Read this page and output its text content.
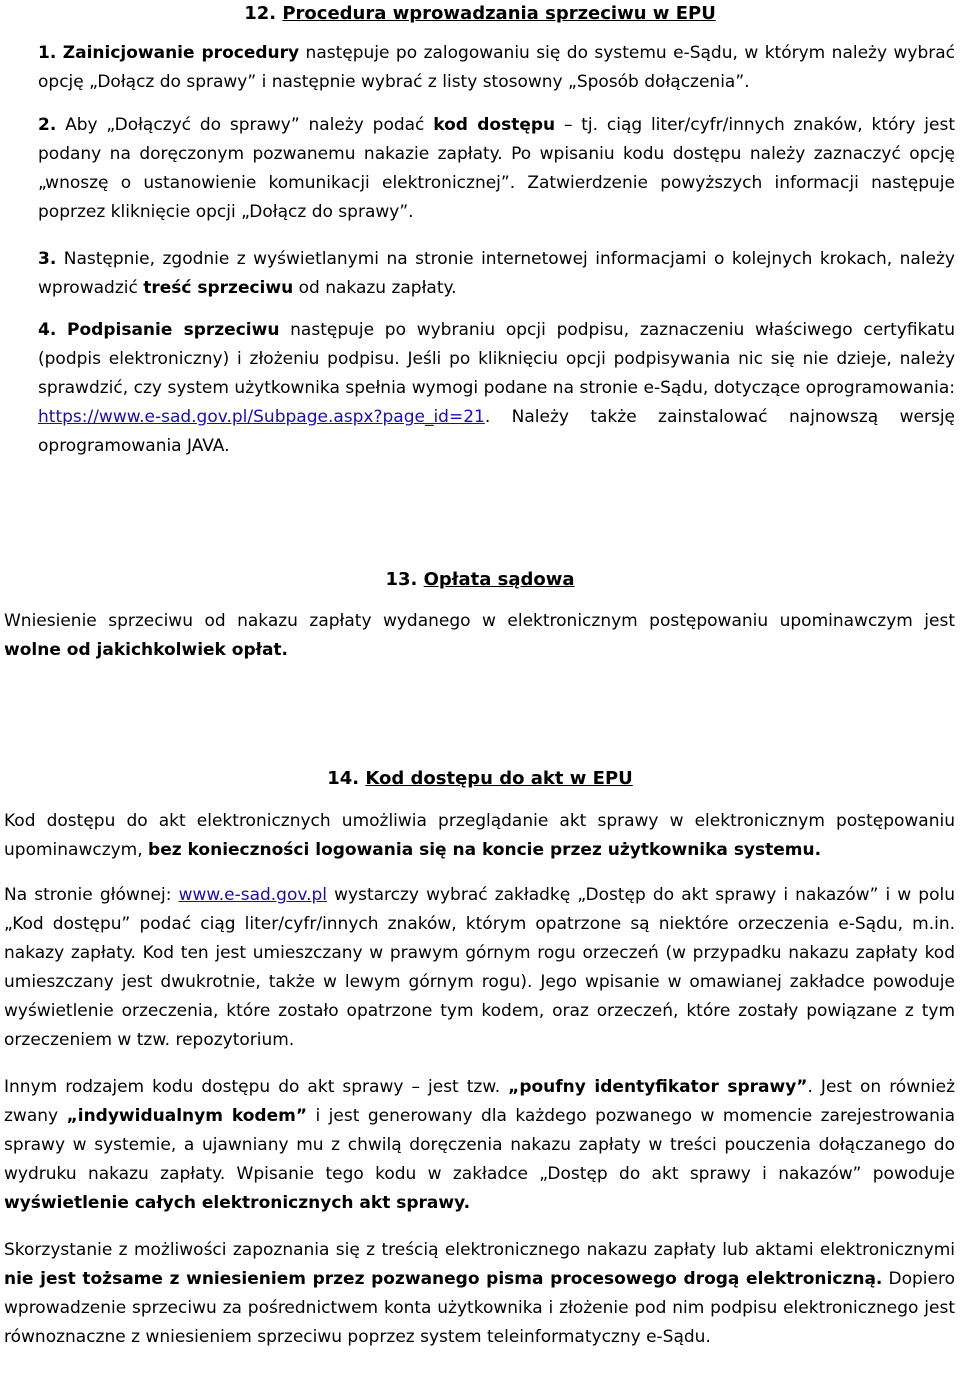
12. Procedura wprowadzania sprzeciwu w EPU

1. Zainicjowanie procedury następuje po zalogowaniu się do systemu e-Sądu, w którym należy wybrać opcję „Dołącz do sprawy” i następnie wybrać z listy stosowny „Sposób dołączenia”.

2. Aby „Dołączyć do sprawy” należy podać kod dostępu – tj. ciąg liter/cyfr/innych znaków, który jest podany na doręczonym pozwanemu nakazie zapłaty. Po wpisaniu kodu dostępu należy zaznaczyć opcję „wnoszę o ustanowienie komunikacji elektronicznej”. Zatwierdzenie powyższych informacji następuje poprzez kliknięcie opcji „Dołącz do sprawy”.

3. Następnie, zgodnie z wyświetlanymi na stronie internetowej informacjami o kolejnych krokach, należy wprowadzić treść sprzeciwu od nakazu zapłaty.

4. Podpisanie sprzeciwu następuje po wybraniu opcji podpisu, zaznaczeniu właściwego certyfikatu (podpis elektroniczny) i złożeniu podpisu. Jeśli po kliknięciu opcji podpisywania nic się nie dzieje, należy sprawdzić, czy system użytkownika spełnia wymogi podane na stronie e-Sądu, dotyczące oprogramowania: https://www.e-sad.gov.pl/Subpage.aspx?page_id=21. Należy także zainstalować najnowszą wersję oprogramowania JAVA.

13. Opłata sądowa

Wniesienie sprzeciwu od nakazu zapłaty wydanego w elektronicznym postępowaniu upominawczym jest wolne od jakichkolwiek opłat.

14. Kod dostępu do akt w EPU

Kod dostępu do akt elektronicznych umożliwia przeglądanie akt sprawy w elektronicznym postępowaniu upominawczym, bez konieczności logowania się na koncie przez użytkownika systemu.

Na stronie głównej: www.e-sad.gov.pl wystarczy wybrać zakładkę „Dostęp do akt sprawy i nakazów” i w polu „Kod dostępu” podać ciąg liter/cyfr/innych znaków, którym opatrzone są niektóre orzeczenia e-Sądu, m.in. nakazy zapłaty. Kod ten jest umieszczany w prawym górnym rogu orzeczeń (w przypadku nakazu zapłaty kod umieszczany jest dwukrotnie, także w lewym górnym rogu). Jego wpisanie w omawianej zakładce powoduje wyświetlenie orzeczenia, które zostało opatrzone tym kodem, oraz orzeczeń, które zostały powiązane z tym orzeczeniem w tzw. repozytorium.

Innym rodzajem kodu dostępu do akt sprawy – jest tzw. „poufny identyfikator sprawy”. Jest on również zwany „indywidualnym kodem” i jest generowany dla każdego pozwanego w momencie zarejestrowania sprawy w systemie, a ujawniany mu z chwilą doręczenia nakazu zapłaty w treści pouczenia dołączanego do wydruku nakazu zapłaty. Wpisanie tego kodu w zakładce „Dostęp do akt sprawy i nakazów” powoduje wyświetlenie całych elektronicznych akt sprawy.

Skorzystanie z możliwości zapoznania się z treścią elektronicznego nakazu zapłaty lub aktami elektronicznymi nie jest tożsame z wniesieniem przez pozwanego pisma procesowego drogą elektroniczną. Dopiero wprowadzenie sprzeciwu za pośrednictwem konta użytkownika i złożenie pod nim podpisu elektronicznego jest równoznaczne z wniesieniem sprzeciwu poprzez system teleinformatyczny e-Sądu.
